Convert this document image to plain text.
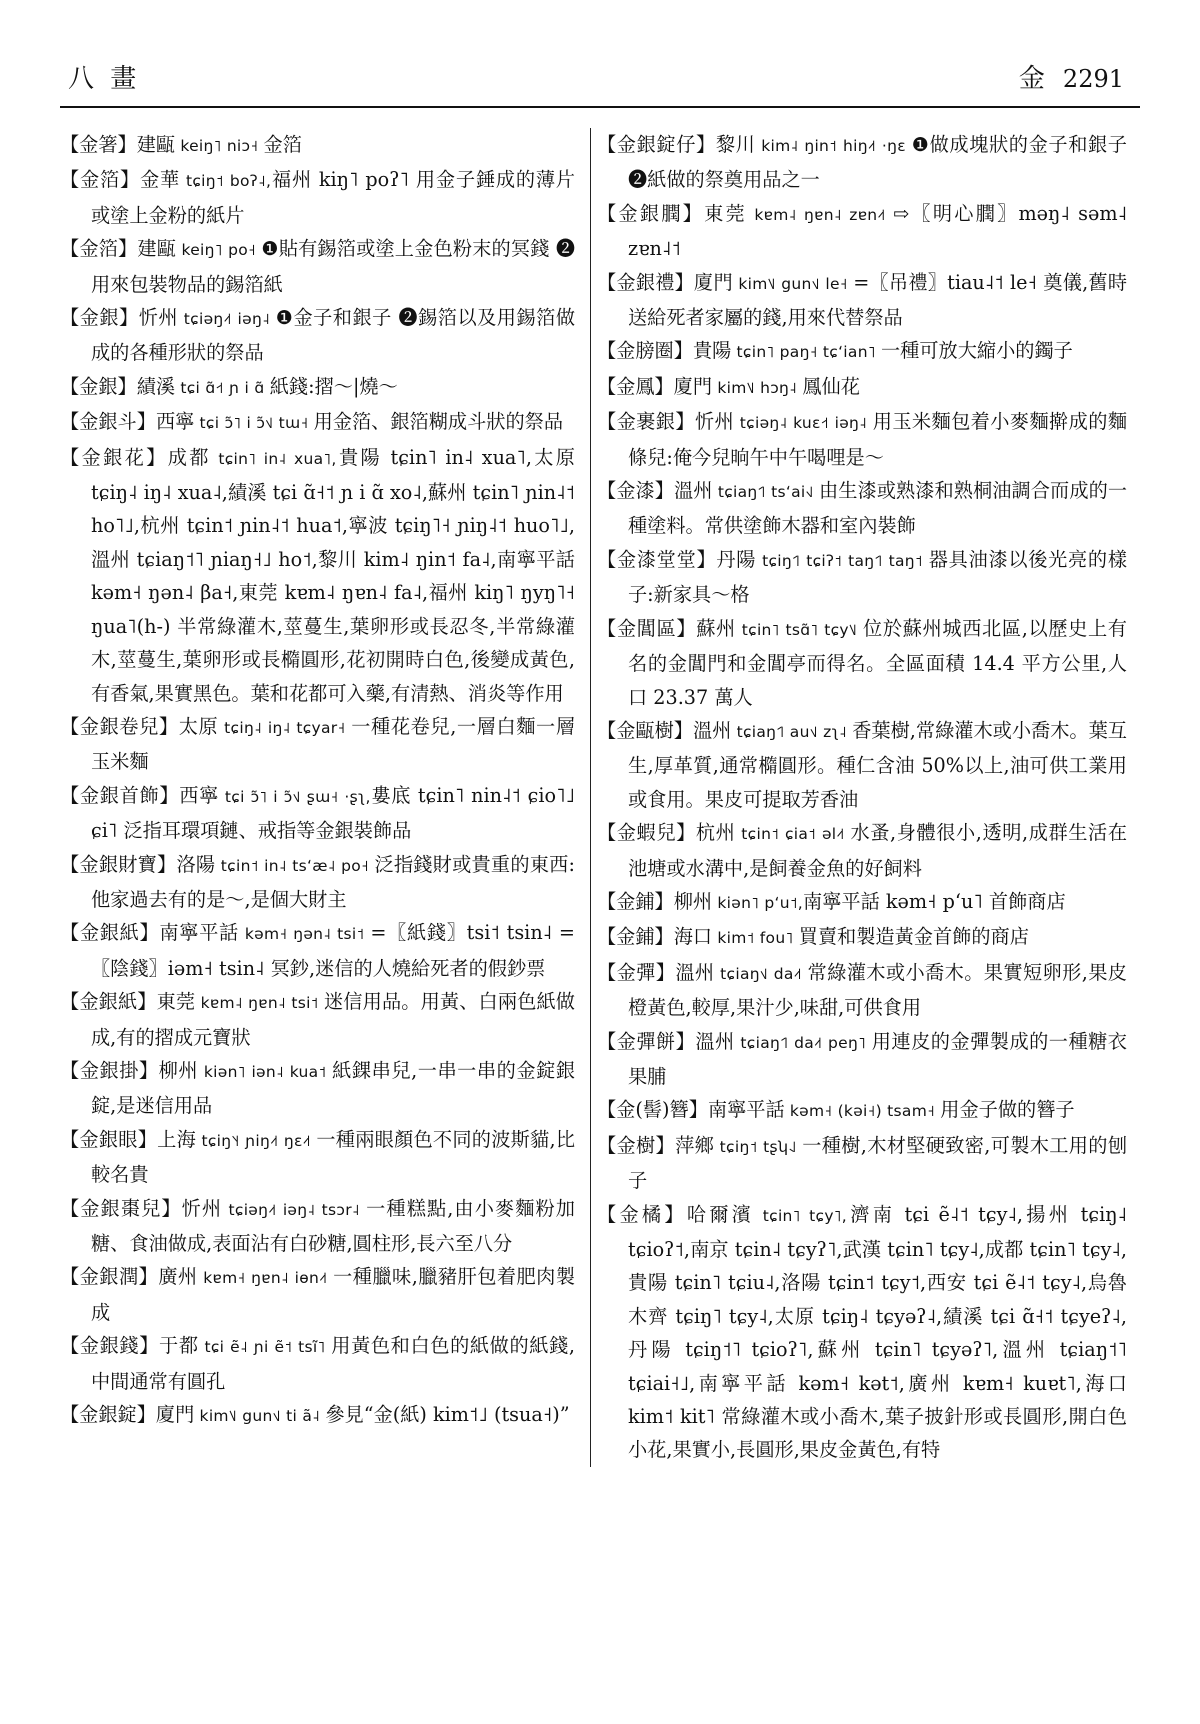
八 畫	金 2291

【金箸】建甌 keiŋ˥ niɔ˧ 金箔

【金箔】金華 tɕiŋ˦ boʔ˨,福州 kiŋ˥ poʔ˥ 用金子錘成的薄片或塗上金粉的紙片

【金箔】建甌 keiŋ˥ po˧ ❶貼有錫箔或塗上金色粉末的冥錢 ❷用來包裝物品的錫箔紙

【金銀】忻州 tɕiəŋ˨˦ iəŋ˨ ❶金子和銀子 ❷錫箔以及用錫箔做成的各種形狀的祭品

【金銀】績溪 tɕi ɑ̃˧˦ ɲ i ɑ̃ 紙錢:摺～|燒～

【金銀斗】西寧 tɕi ɔ̃˥ i ɔ̃˦˩ tɯ˧ 用金箔、銀箔糊成斗狀的祭品

【金銀花】成都 tɕin˥ in˨ xua˥,貴陽 tɕin˥ in˨ xua˥,太原 tɕiŋ˨ iŋ˨ xua˨,績溪 tɕi ɑ̃˧˦ ɲ i ɑ̃ xo˨,蘇州 tɕin˥ ɲin˨˦ ho˥˩,杭州 tɕin˦ ɲin˨˦ hua˦,寧波 tɕiŋ˥˧ ɲiŋ˨˦ huo˥˩,溫州 tɕiaŋ˦˥ ɲiaŋ˧˩ ho˦,黎川 kim˨ ŋin˦ fa˨,南寧平話 kəm˧ ŋən˨ βa˧,東莞 kɐm˨ ŋɐn˨ fa˨,福州 kiŋ˥ ŋyŋ˥˧ ŋua˥(h-) 半常綠灌木,莖蔓生,葉卵形或長忍冬,半常綠灌木,莖蔓生,葉卵形或長橢圓形,花初開時白色,後變成黃色,有香氣,果實黑色。葉和花都可入藥,有清熱、消炎等作用

【金銀卷兒】太原 tɕiŋ˨ iŋ˨ tɕyar˧ 一種花卷兒,一層白麵一層玉米麵

【金銀首飾】西寧 tɕi ɔ̃˥ i ɔ̃˦˩ ʂɯ˧ ·ʂʅ,婁底 tɕin˥ nin˨˦ ɕio˥˩ ɕi˥ 泛指耳環項鏈、戒指等金銀裝飾品

【金銀財寶】洛陽 tɕin˦ in˨ tsʻæ˨ po˧ 泛指錢財或貴重的東西:他家過去有的是～,是個大財主

【金銀紙】南寧平話 kəm˧ ŋən˨ tsi˦ =〖紙錢〗tsi˦ tsin˨ =〖陰錢〗iəm˧ tsin˨ 冥鈔,迷信的人燒給死者的假鈔票

【金銀紙】東莞 kɐm˨ ŋɐn˨ tsi˦ 迷信用品。用黃、白兩色紙做成,有的摺成元寶狀

【金銀掛】柳州 kiən˥ iən˨ kua˦ 紙錁串兒,一串一串的金錠銀錠,是迷信用品

【金銀眼】上海 tɕiŋ˥˧ ɲiŋ˨˦ ŋɛ˨˦ 一種兩眼顏色不同的波斯貓,比較名貴

【金銀棗兒】忻州 tɕiəŋ˨˦ iəŋ˨ tsɔr˨ 一種糕點,由小麥麵粉加糖、食油做成,表面沾有白砂糖,圓柱形,長六至八分

【金銀潤】廣州 kɐm˧ ŋɐn˨ iɵn˨˦ 一種臘味,臘豬肝包着肥肉製成

【金銀錢】于都 tɕi ẽ˨ ɲi ẽ˦ tsĩ˥ 用黃色和白色的紙做的紙錢,中間通常有圓孔

【金銀錠】廈門 kim˥˩ gun˦˩ ti ã˨ 參見“金(紙) kim˦˩ (tsua˧)”

【金銀錠仔】黎川 kim˨ ŋin˦ hiŋ˨˦ ·ŋɛ ❶做成塊狀的金子和銀子 ❷紙做的祭奠用品之一

【金銀膶】東莞 kɐm˨ ŋɐn˨ zɐn˨˦ ⇨〖明心膶〗məŋ˨ səm˨ zɐn˨˦

【金銀禮】廈門 kim˥˩ gun˦˩ le˧ =〖吊禮〗tiau˨˦ le˧ 奠儀,舊時送給死者家屬的錢,用來代替祭品

【金膀圈】貴陽 tɕin˥ paŋ˧ tɕʻian˥ 一種可放大縮小的鐲子

【金鳳】廈門 kim˥˩ hɔŋ˨ 鳳仙花

【金裹銀】忻州 tɕiəŋ˨ kuɛ˧˦ iəŋ˨ 用玉米麵包着小麥麵擀成的麵條兒:俺今兒晌午中午喝哩是～

【金漆】溫州 tɕiaŋ˦˥ tsʻai˧˩ 由生漆或熟漆和熟桐油調合而成的一種塗料。常供塗飾木器和室內裝飾

【金漆堂堂】丹陽 tɕiŋ˦˥ tɕiʔ˦ taŋ˦˥ taŋ˦ 器具油漆以後光亮的樣子:新家具～格

【金閶區】蘇州 tɕin˥ tsɑ̃˥ tɕy˥˩ 位於蘇州城西北區,以歷史上有名的金閶門和金閶亭而得名。全區面積 14.4 平方公里,人口 23.37 萬人

【金甌樹】溫州 tɕiaŋ˦˥ au˦˩ zʅ˨ 香葉樹,常綠灌木或小喬木。葉互生,厚革質,通常橢圓形。種仁含油 50%以上,油可供工業用或食用。果皮可提取芳香油

【金蝦兒】杭州 tɕin˦ ɕia˦ əl˨˦ 水蚤,身體很小,透明,成群生活在池塘或水溝中,是飼養金魚的好飼料

【金鋪】柳州 kiən˥ pʻu˦,南寧平話 kəm˧ pʻu˥ 首飾商店

【金鋪】海口 kim˦ fou˥ 買賣和製造黃金首飾的商店

【金彈】溫州 tɕiaŋ˦˩ da˨˦ 常綠灌木或小喬木。果實短卵形,果皮橙黃色,較厚,果汁少,味甜,可供食用

【金彈餅】溫州 tɕiaŋ˦˥ da˨˦ peŋ˥ 用連皮的金彈製成的一種糖衣果脯

【金(髻)簪】南寧平話 kəm˧ (kəi˧) tsam˧ 用金子做的簪子

【金樹】萍鄉 tɕiŋ˦ tʂʮ˨˩ 一種樹,木材堅硬致密,可製木工用的刨子

【金橘】哈爾濱 tɕin˥ tɕy˥,濟南 tɕi ẽ˨˦ tɕy˨,揚州 tɕiŋ˨ tɕioʔ˦,南京 tɕin˨ tɕyʔ˥,武漢 tɕin˥ tɕy˨,成都 tɕin˥ tɕy˨,貴陽 tɕin˥ tɕiu˨,洛陽 tɕin˦ tɕy˦,西安 tɕi ẽ˨˦ tɕy˨,烏魯木齊 tɕiŋ˥ tɕy˨,太原 tɕiŋ˨ tɕyəʔ˨,績溪 tɕi ɑ̃˧˦ tɕyeʔ˨,丹陽 tɕiŋ˦˥ tɕioʔ˥,蘇州 tɕin˥ tɕyəʔ˥,溫州 tɕiaŋ˦˥ tɕiai˧˩,南寧平話 kəm˧ kət˦,廣州 kɐm˧ kuɐt˥,海口 kim˦ kit˥ 常綠灌木或小喬木,葉子披針形或長圓形,開白色小花,果實小,長圓形,果皮金黃色,有特
